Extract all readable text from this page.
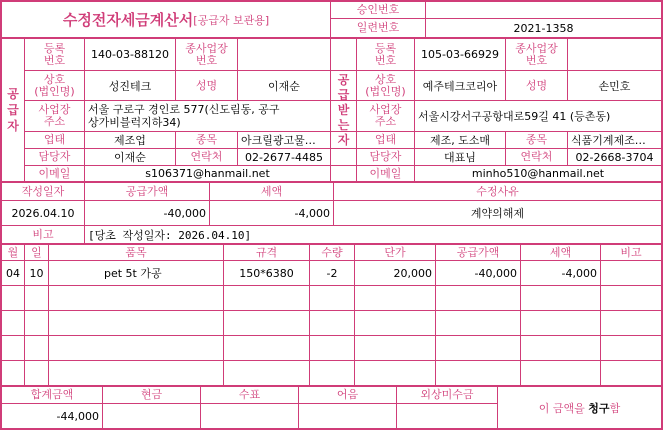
수정전자세금계산서 [공급자 보관용]
승인번호
일련번호	2021-1358
공
급
자
등록
번호	140-03-88120	종사업장
번호
상호
(법인명)	성진테크	성명	이재순
사업장
주소
서울 구로구 경인로 577(신도림동, 공구
상가비블럭지하34)
업태	제조업	종목	아크릴광고물…
담당자	이재순	연락처	02-2677-4485
이메일	s106371@hanmail.net
공
급
받
는
자
등록
번호	105-03-66929	종사업장
번호
상호
(법인명)	예주테크코리아	성명	손민호
사업장
주소	서울시강서구공항대로59길 41 (등촌동)
업태	제조, 도소매	종목	식품기계제조…
담당자	대표님	연락처	02-2668-3704
이메일	minho510@hanmail.net
작성일자	공급가액	세액	수정사유
2026.04.10	-40,000	-4,000	계약의해제
비고	[당초 작성일자: 2026.04.10]
월	일	품목	규격	수량	단가	공급가액	세액	비고
04 10	pet 5t 가공	150*6380	-2	20,000	-40,000	-4,000
합계금액	현금	수표	어음	외상미수금
-44,000
이 금액을 청구 함
